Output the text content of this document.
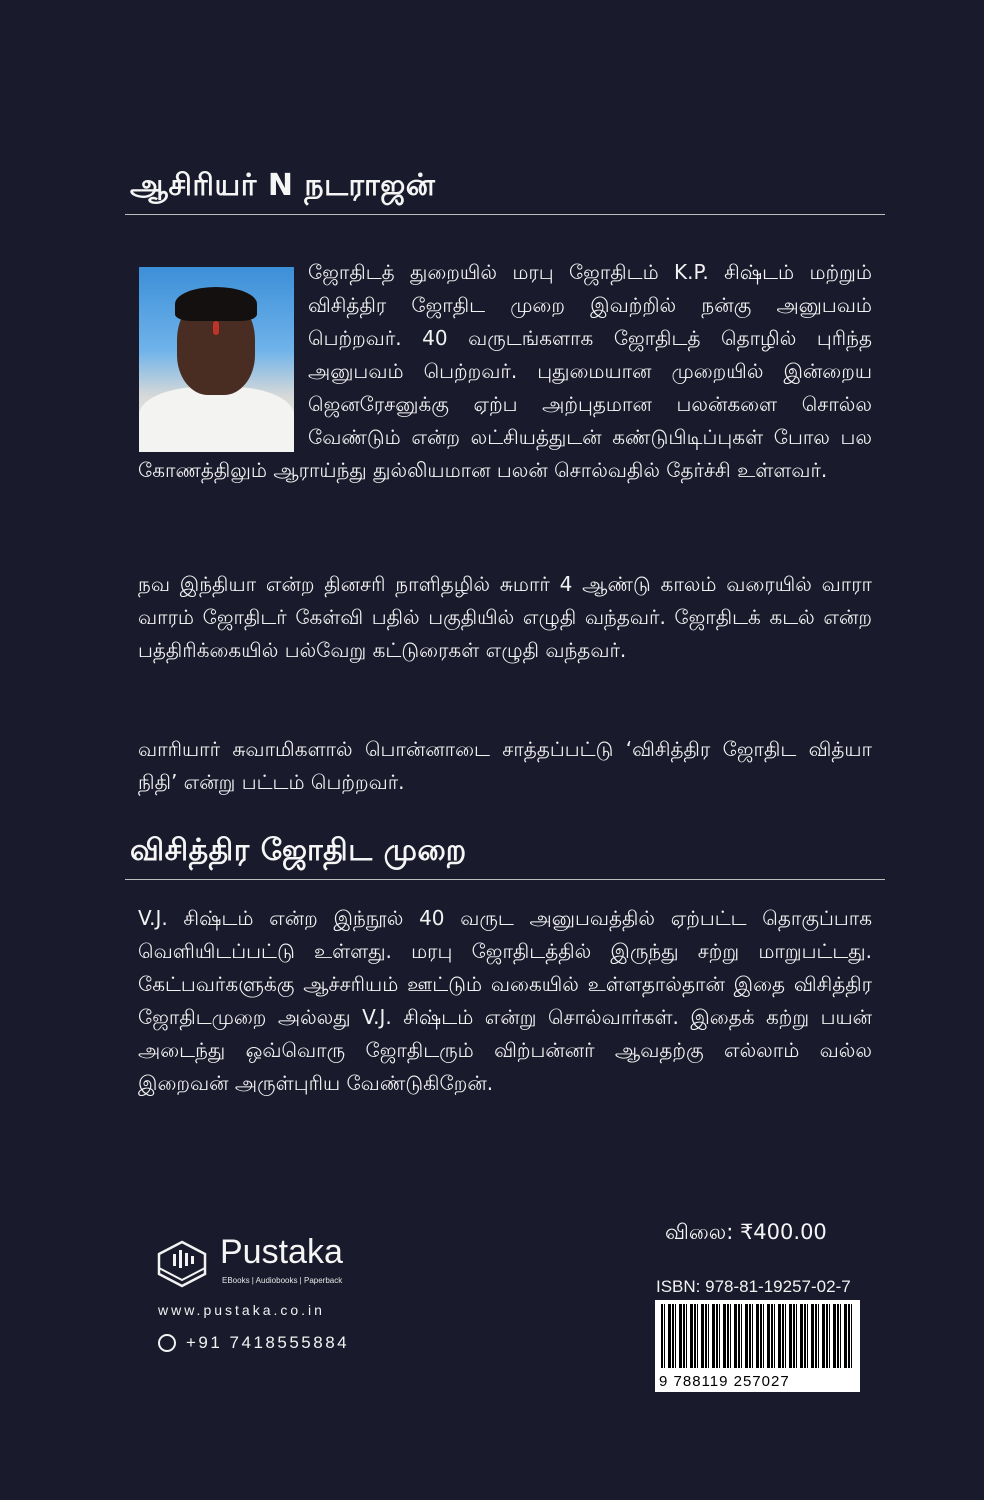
ஆசிரியர் N நடராஜன்
ஜோதிடத் துறையில் மரபு ஜோதிடம் K.P. சிஷ்டம் மற்றும் விசித்திர ஜோதிட முறை இவற்றில் நன்கு அனுபவம் பெற்றவர். 40 வருடங்களாக ஜோதிடத் தொழில் புரிந்த அனுபவம் பெற்றவர். புதுமையான முறையில் இன்றைய ஜெனரேசனுக்கு ஏற்ப அற்புதமான பலன்களை சொல்ல வேண்டும் என்ற லட்சியத்துடன் கண்டுபிடிப்புகள் போல பல கோணத்திலும் ஆராய்ந்து துல்லியமான பலன் சொல்வதில் தேர்ச்சி உள்ளவர்.
நவ இந்தியா என்ற தினசரி நாளிதழில் சுமார் 4 ஆண்டு காலம் வரையில் வாரா வாரம் ஜோதிடர் கேள்வி பதில் பகுதியில் எழுதி வந்தவர். ஜோதிடக் கடல் என்ற பத்திரிக்கையில் பல்வேறு கட்டுரைகள் எழுதி வந்தவர்.
வாரியார் சுவாமிகளால் பொன்னாடை சாத்தப்பட்டு ‘விசித்திர ஜோதிட வித்யா நிதி’ என்று பட்டம் பெற்றவர்.
விசித்திர ஜோதிட முறை
V.J. சிஷ்டம் என்ற இந்நூல் 40 வருட அனுபவத்தில் ஏற்பட்ட தொகுப்பாக வெளியிடப்பட்டு உள்ளது. மரபு ஜோதிடத்தில் இருந்து சற்று மாறுபட்டது. கேட்பவர்களுக்கு ஆச்சரியம் ஊட்டும் வகையில் உள்ளதால்தான் இதை விசித்திர ஜோதிடமுறை அல்லது V.J. சிஷ்டம் என்று சொல்வார்கள். இதைக் கற்று பயன் அடைந்து ஒவ்வொரு ஜோதிடரும் விற்பன்னர் ஆவதற்கு எல்லாம் வல்ல இறைவன் அருள்புரிய வேண்டுகிறேன்.
Pustaka
EBooks | Audiobooks | Paperback
www.pustaka.co.in
+91 7418555884
விலை: ₹400.00
ISBN: 978-81-19257-02-7
9 788119 257027
